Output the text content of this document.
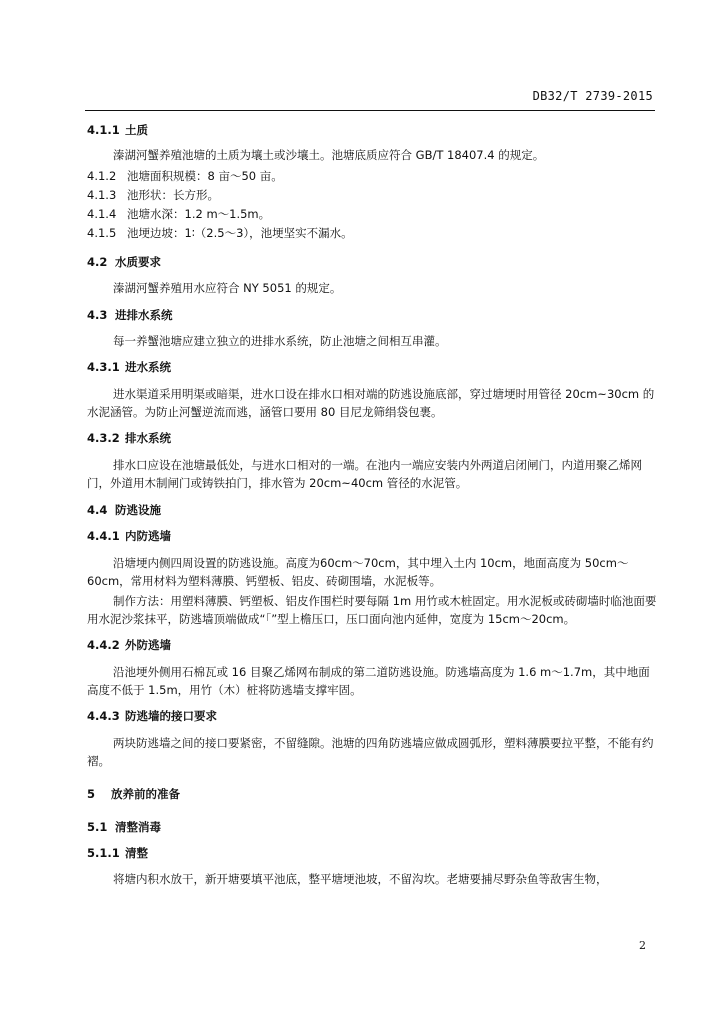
DB32/T 2739-2015
4.1.1 土质
溱湖河蟹养殖池塘的土质为壤土或沙壤土。池塘底质应符合 GB/T 18407.4 的规定。
4.1.2 池塘面积规模：8 亩～50 亩。
4.1.3 池形状：长方形。
4.1.4 池塘水深：1.2 m～1.5m。
4.1.5 池埂边坡：1∶（2.5～3），池埂坚实不漏水。
4.2 水质要求
溱湖河蟹养殖用水应符合 NY 5051 的规定。
4.3 进排水系统
每一养蟹池塘应建立独立的进排水系统，防止池塘之间相互串灌。
4.3.1 进水系统
进水渠道采用明渠或暗渠，进水口设在排水口相对端的防逃设施底部，穿过塘埂时用管径 20cm~30cm 的水泥涵管。为防止河蟹逆流而逃，涵管口要用 80 目尼龙筛绢袋包裹。
4.3.2 排水系统
排水口应设在池塘最低处，与进水口相对的一端。在池内一端应安装内外两道启闭闸门，内道用聚乙烯网门，外道用木制闸门或铸铁拍门，排水管为 20cm~40cm 管径的水泥管。
4.4 防逃设施
4.4.1 内防逃墙
沿塘埂内侧四周设置的防逃设施。高度为60cm～70cm，其中埋入土内 10cm，地面高度为 50cm～60cm，常用材料为塑料薄膜、钙塑板、铝皮、砖砌围墙，水泥板等。
制作方法：用塑料薄膜、钙塑板、铝皮作围栏时要每隔 1m 用竹或木桩固定。用水泥板或砖砌墙时临池面要用水泥沙浆抹平，防逃墙顶端做成“「”型上檐压口，压口面向池内延伸，宽度为 15cm～20cm。
4.4.2 外防逃墙
沿池埂外侧用石棉瓦或 16 目聚乙烯网布制成的第二道防逃设施。防逃墙高度为 1.6 m～1.7m，其中地面高度不低于 1.5m，用竹（木）桩将防逃墙支撑牢固。
4.4.3 防逃墙的接口要求
两块防逃墙之间的接口要紧密，不留缝隙。池塘的四角防逃墙应做成圆弧形，塑料薄膜要拉平整，不能有约褶。
5 放养前的准备
5.1 清整消毒
5.1.1 清整
将塘内积水放干，新开塘要填平池底，整平塘埂池坡，不留沟坎。老塘要捕尽野杂鱼等敌害生物，
2
